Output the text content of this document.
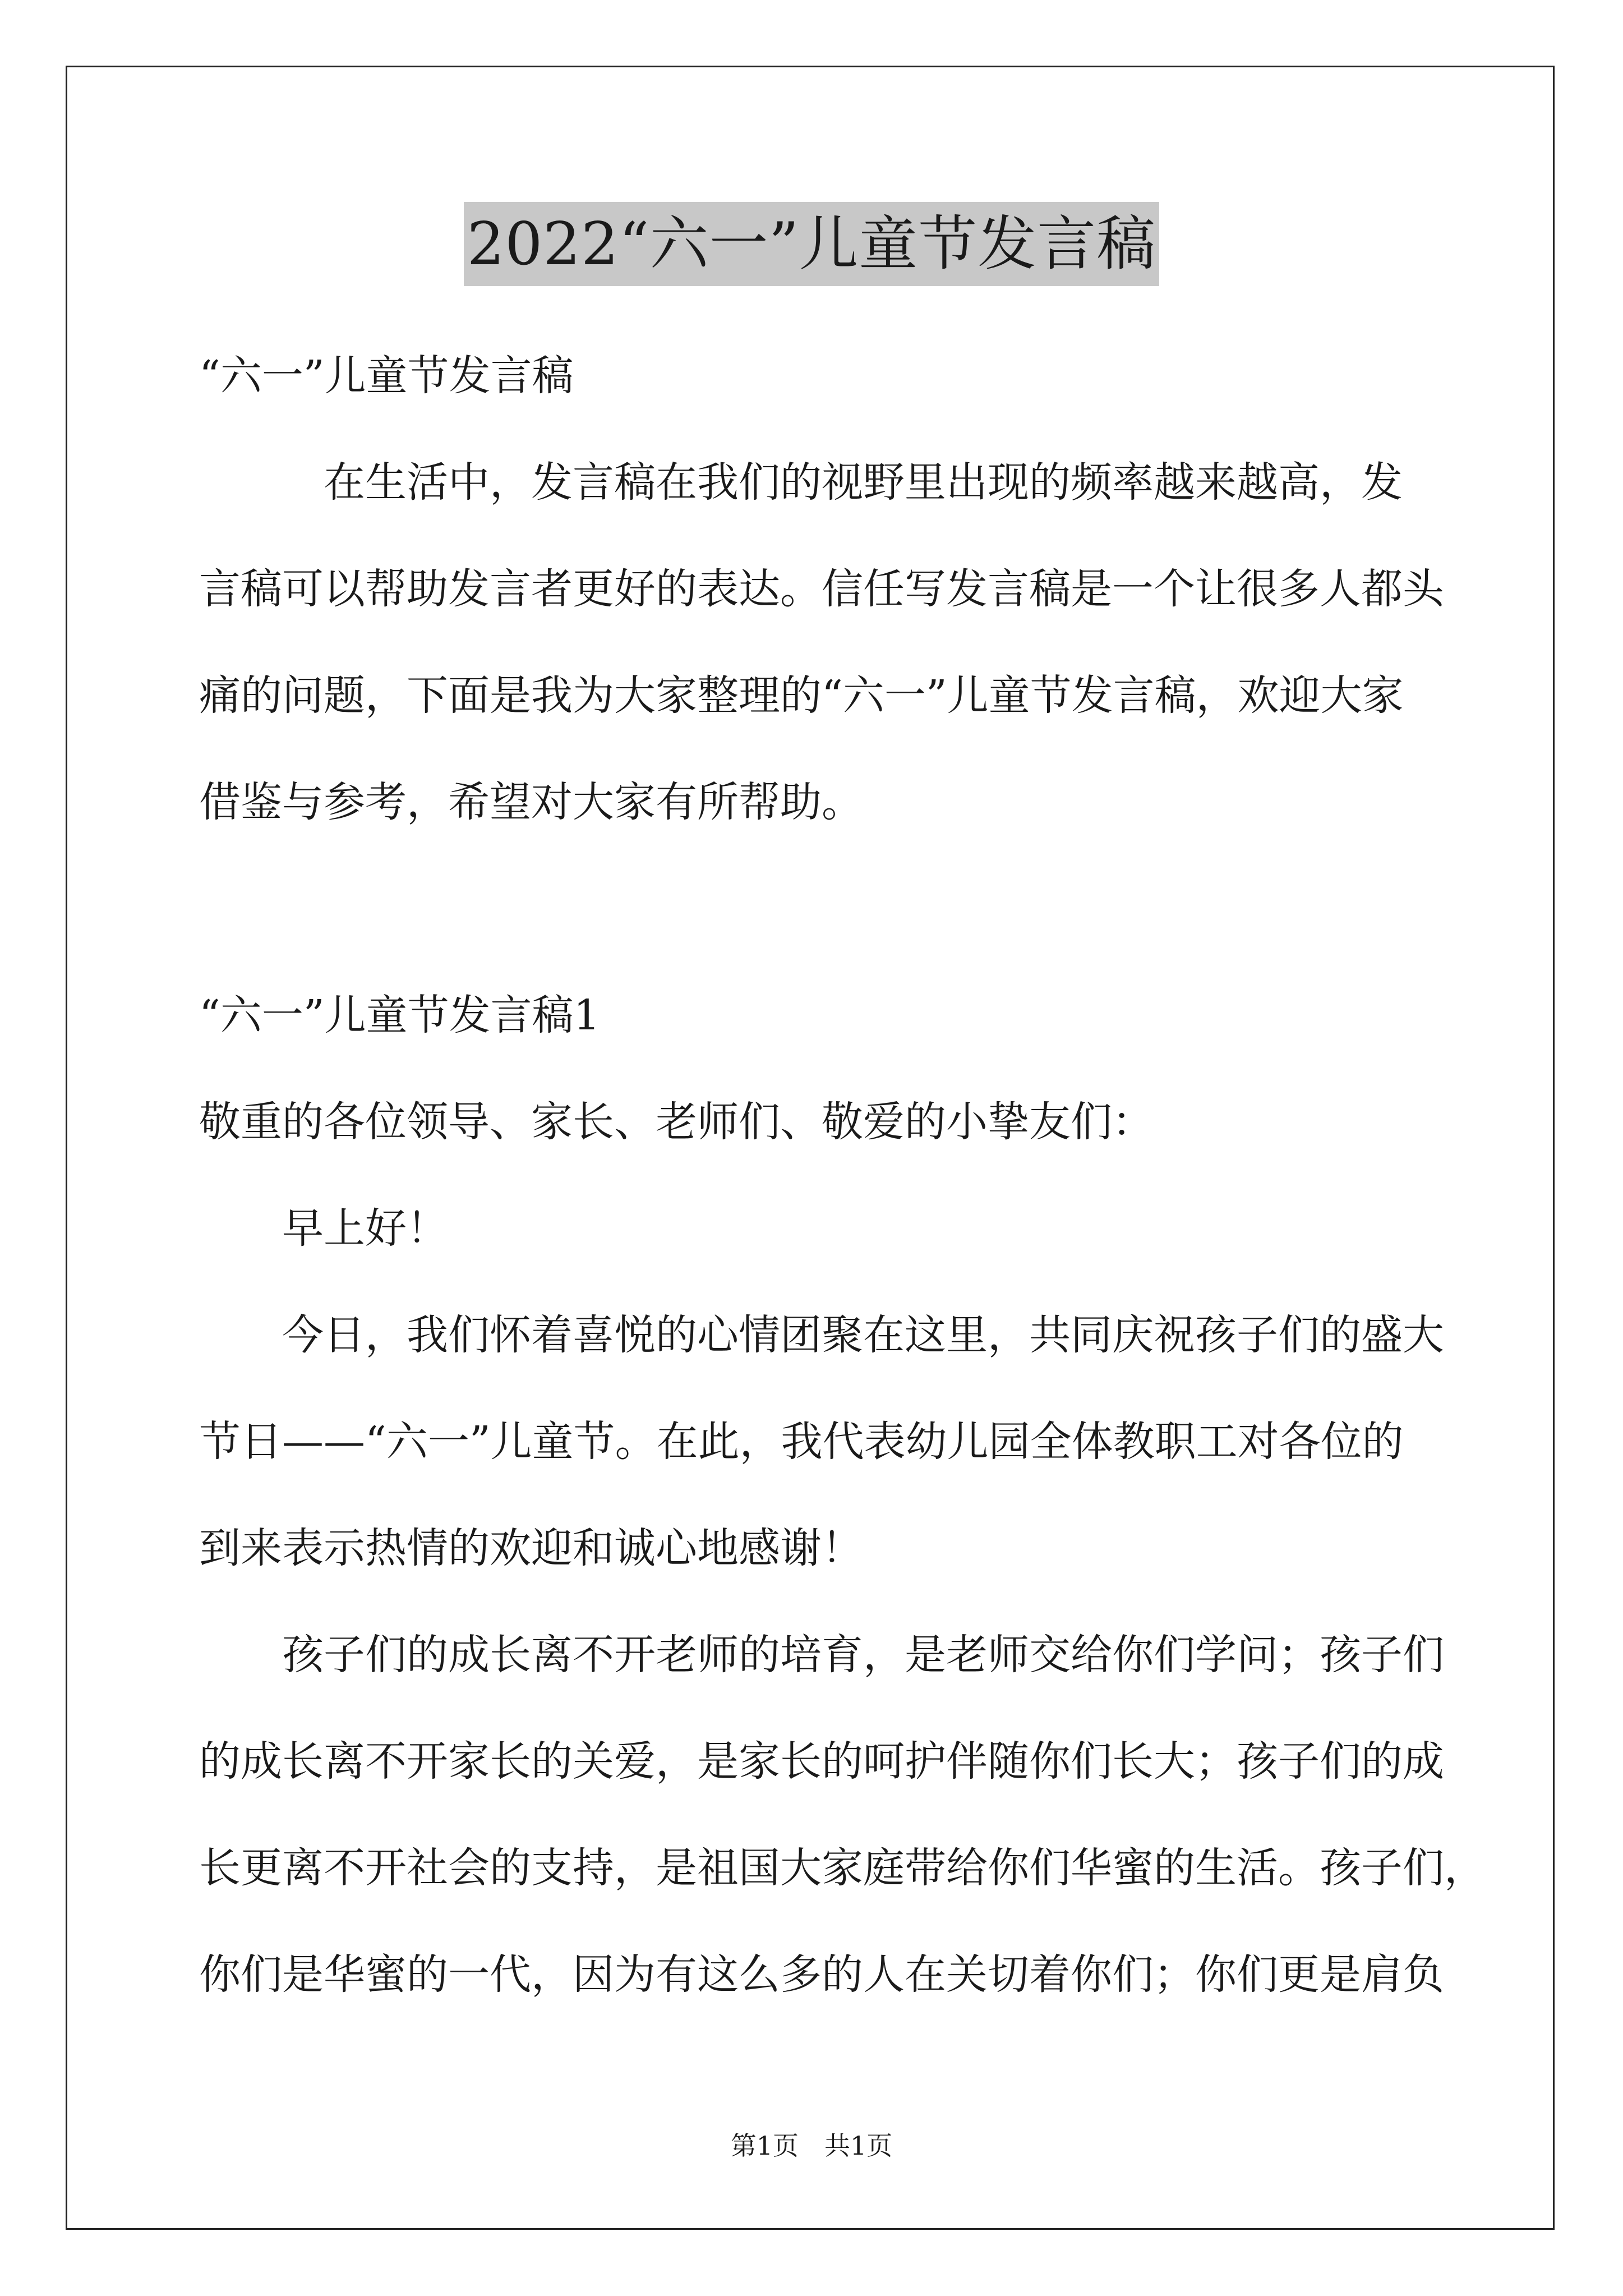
2022“六一”儿童节发言稿
“六一”儿童节发言稿
　　　在生活中，发言稿在我们的视野里出现的频率越来越高，发
言稿可以帮助发言者更好的表达。信任写发言稿是一个让很多人都头
痛的问题，下面是我为大家整理的“六一”儿童节发言稿，欢迎大家
借鉴与参考，希望对大家有所帮助。
“六一”儿童节发言稿1
敬重的各位领导、家长、老师们、敬爱的小挚友们：
　　早上好！
　　今日，我们怀着喜悦的心情团聚在这里，共同庆祝孩子们的盛大
节日——“六一”儿童节。在此，我代表幼儿园全体教职工对各位的
到来表示热情的欢迎和诚心地感谢！
　　孩子们的成长离不开老师的培育，是老师交给你们学问；孩子们
的成长离不开家长的关爱，是家长的呵护伴随你们长大；孩子们的成
长更离不开社会的支持，是祖国大家庭带给你们华蜜的生活。孩子们，
你们是华蜜的一代，因为有这么多的人在关切着你们；你们更是肩负
第1页　共1页
